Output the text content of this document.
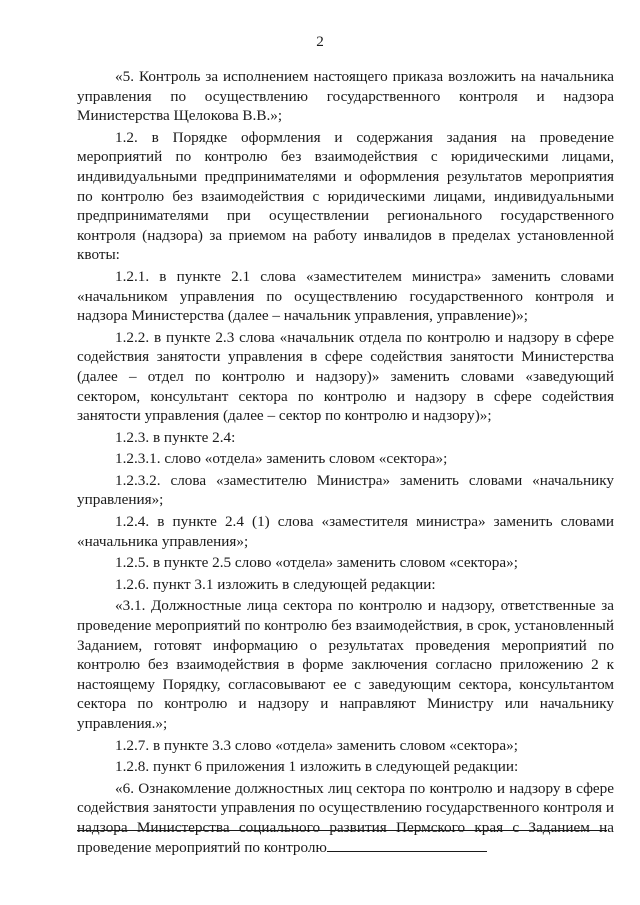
2

«5. Контроль за исполнением настоящего приказа возложить на начальника управления по осуществлению государственного контроля и надзора Министерства Щелокова В.В.»;

1.2. в Порядке оформления и содержания задания на проведение мероприятий по контролю без взаимодействия с юридическими лицами, индивидуальными предпринимателями и оформления результатов мероприятия по контролю без взаимодействия с юридическими лицами, индивидуальными предпринимателями при осуществлении регионального государственного контроля (надзора) за приемом на работу инвалидов в пределах установленной квоты:

1.2.1. в пункте 2.1 слова «заместителем министра» заменить словами «начальником управления по осуществлению государственного контроля и надзора Министерства (далее – начальник управления, управление)»;

1.2.2. в пункте 2.3 слова «начальник отдела по контролю и надзору в сфере содействия занятости управления в сфере содействия занятости Министерства (далее – отдел по контролю и надзору)» заменить словами «заведующий сектором, консультант сектора по контролю и надзору в сфере содействия занятости управления (далее – сектор по контролю и надзору)»;

1.2.3. в пункте 2.4:

1.2.3.1. слово «отдела» заменить словом «сектора»;

1.2.3.2. слова «заместителю Министра» заменить словами «начальнику управления»;

1.2.4. в пункте 2.4 (1) слова «заместителя министра» заменить словами «начальника управления»;

1.2.5. в пункте 2.5 слово «отдела» заменить словом «сектора»;

1.2.6. пункт 3.1 изложить в следующей редакции:

«3.1. Должностные лица сектора по контролю и надзору, ответственные за проведение мероприятий по контролю без взаимодействия, в срок, установленный Заданием, готовят информацию о результатах проведения мероприятий по контролю без взаимодействия в форме заключения согласно приложению 2 к настоящему Порядку, согласовывают ее с заведующим сектора, консультантом сектора по контролю и надзору и направляют Министру или начальнику управления.»;

1.2.7. в пункте 3.3 слово «отдела» заменить словом «сектора»;

1.2.8. пункт 6 приложения 1 изложить в следующей редакции:

«6. Ознакомление должностных лиц сектора по контролю и надзору в сфере содействия занятости управления по осуществлению государственного контроля и надзора Министерства социального развития Пермского края с Заданием на проведение мероприятий по контролю
